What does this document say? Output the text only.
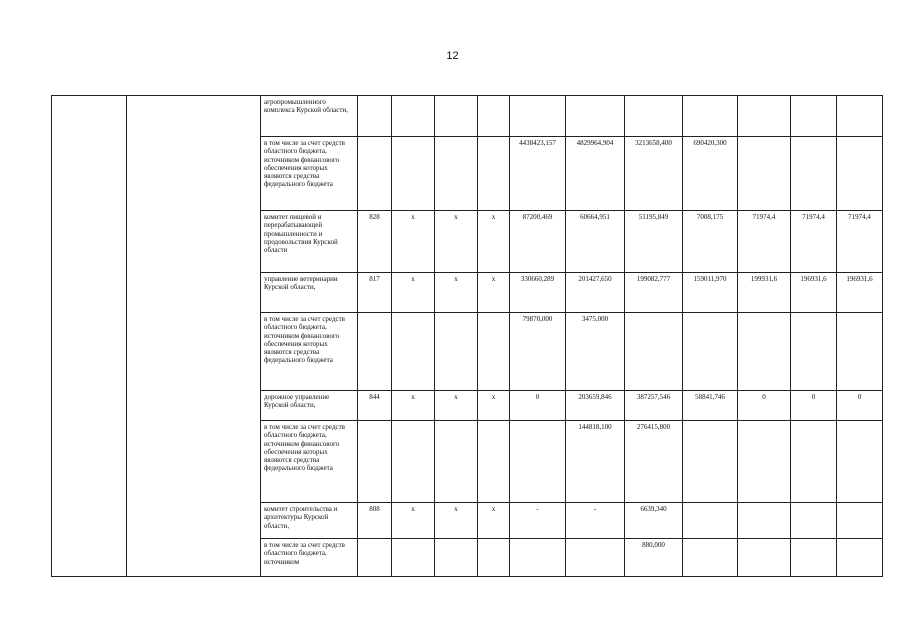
12
		агропромышленного комплекса Курской области,											
		в том числе за счет средств областного бюджета, источником финансового обеспечения которых являются средства федерального бюджета					4438423,157	4829964,904	3213658,400	690420,300			
		комитет пищевой и перерабатывающей промышленности и продовольствия Курской области	828	x	x	x	87200,469	60664,951	51195,849	7008,175	71974,4	71974,4	71974,4
		управление ветеринарии Курской области,	817	x	x	x	330660,289	201427,650	199082,777	159011,970	199931,6	196931,6	196931,6
		в том числе за счет средств областного бюджета, источником финансового обеспечения которых являются средства федерального бюджета					79870,000	3475,000					
		дорожное управление Курской области,	844	x	x	x	0	203659,846	387257,546	58841,746	0	0	0
		в том числе за счет средств областного бюджета, источником финансового обеспечения которых являются средства федерального бюджета						144818,100	276415,800				
		комитет строительства и архитектуры Курской области,	808	x	x	x	-	-	6639,340				
		в том числе за счет средств областного бюджета, источником							880,000				
